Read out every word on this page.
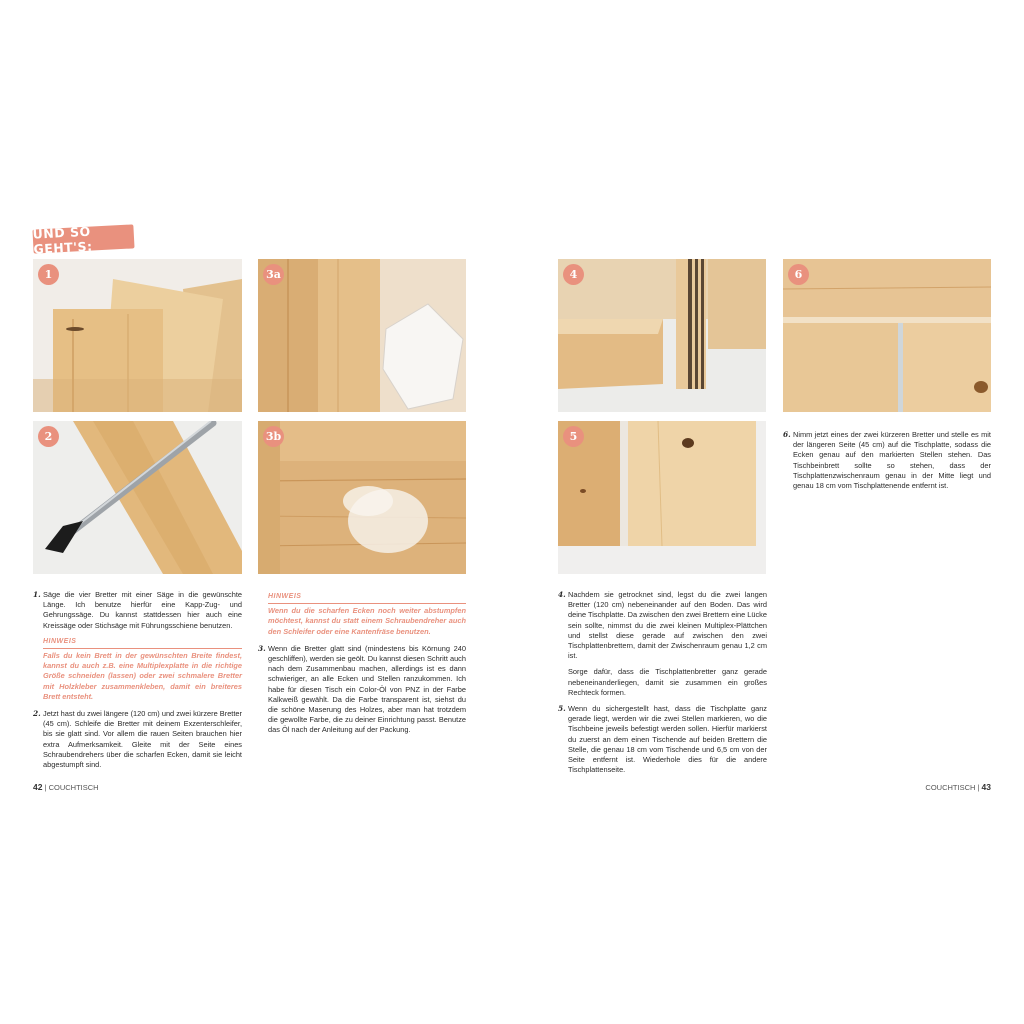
UND SO GEHT'S:
1	3a
2	3b
4	6
5
1. Säge die vier Bretter mit einer Säge in die gewünschte Länge. Ich benutze hierfür eine Kapp-Zug- und Gehrungssäge. Du kannst stattdessen hier auch eine Kreissäge oder Stichsäge mit Führungsschiene benutzen.
HINWEIS
Falls du kein Brett in der gewünschten Breite findest, kannst du auch z.B. eine Multiplexplatte in die richtige Größe schneiden (lassen) oder zwei schmalere Bretter mit Holzkleber zusammenkleben, damit ein breiteres Brett entsteht.
2. Jetzt hast du zwei längere (120 cm) und zwei kürzere Bretter (45 cm). Schleife die Bretter mit deinem Exzenterschleifer, bis sie glatt sind. Vor allem die rauen Seiten brauchen hier extra Aufmerksamkeit. Gleite mit der Seite eines Schraubendrehers über die scharfen Ecken, damit sie leicht abgestumpft sind.
HINWEIS
Wenn du die scharfen Ecken noch weiter abstumpfen möchtest, kannst du statt einem Schraubendreher auch den Schleifer oder eine Kantenfräse benutzen.
3. Wenn die Bretter glatt sind (mindestens bis Körnung 240 geschliffen), werden sie geölt. Du kannst diesen Schritt auch nach dem Zusammenbau machen, allerdings ist es dann schwieriger, an alle Ecken und Stellen ranzukommen. Ich habe für diesen Tisch ein Color-Öl von PNZ in der Farbe Kalkweiß gewählt. Da die Farbe transparent ist, siehst du die schöne Maserung des Holzes, aber man hat trotzdem die gewollte Farbe, die zu deiner Einrichtung passt. Benutze das Öl nach der Anleitung auf der Packung.
4. Nachdem sie getrocknet sind, legst du die zwei langen Bretter (120 cm) nebeneinander auf den Boden. Das wird deine Tischplatte. Da zwischen den zwei Brettern eine Lücke sein sollte, nimmst du die zwei kleinen Multiplex-Plättchen und stellst diese gerade auf zwischen den zwei Tischplattenbrettern, damit der Zwischenraum genau 1,2 cm ist.
Sorge dafür, dass die Tischplattenbretter ganz gerade nebeneinanderliegen, damit sie zusammen ein großes Rechteck formen.
5. Wenn du sichergestellt hast, dass die Tischplatte ganz gerade liegt, werden wir die zwei Stellen markieren, wo die Tischbeine jeweils befestigt werden sollen. Hierfür markierst du zuerst an dem einen Tischende auf beiden Brettern die Stelle, die genau 18 cm vom Tischende und 6,5 cm von der Seite entfernt ist. Wiederhole dies für die andere Tischplattenseite.
6. Nimm jetzt eines der zwei kürzeren Bretter und stelle es mit der längeren Seite (45 cm) auf die Tischplatte, sodass die Ecken genau auf den markierten Stellen stehen. Das Tischbeinbrett sollte so stehen, dass der Tischplattenzwischenraum genau in der Mitte liegt und genau 18 cm vom Tischplattenende entfernt ist.
42 | COUCHTISCH	COUCHTISCH | 43
